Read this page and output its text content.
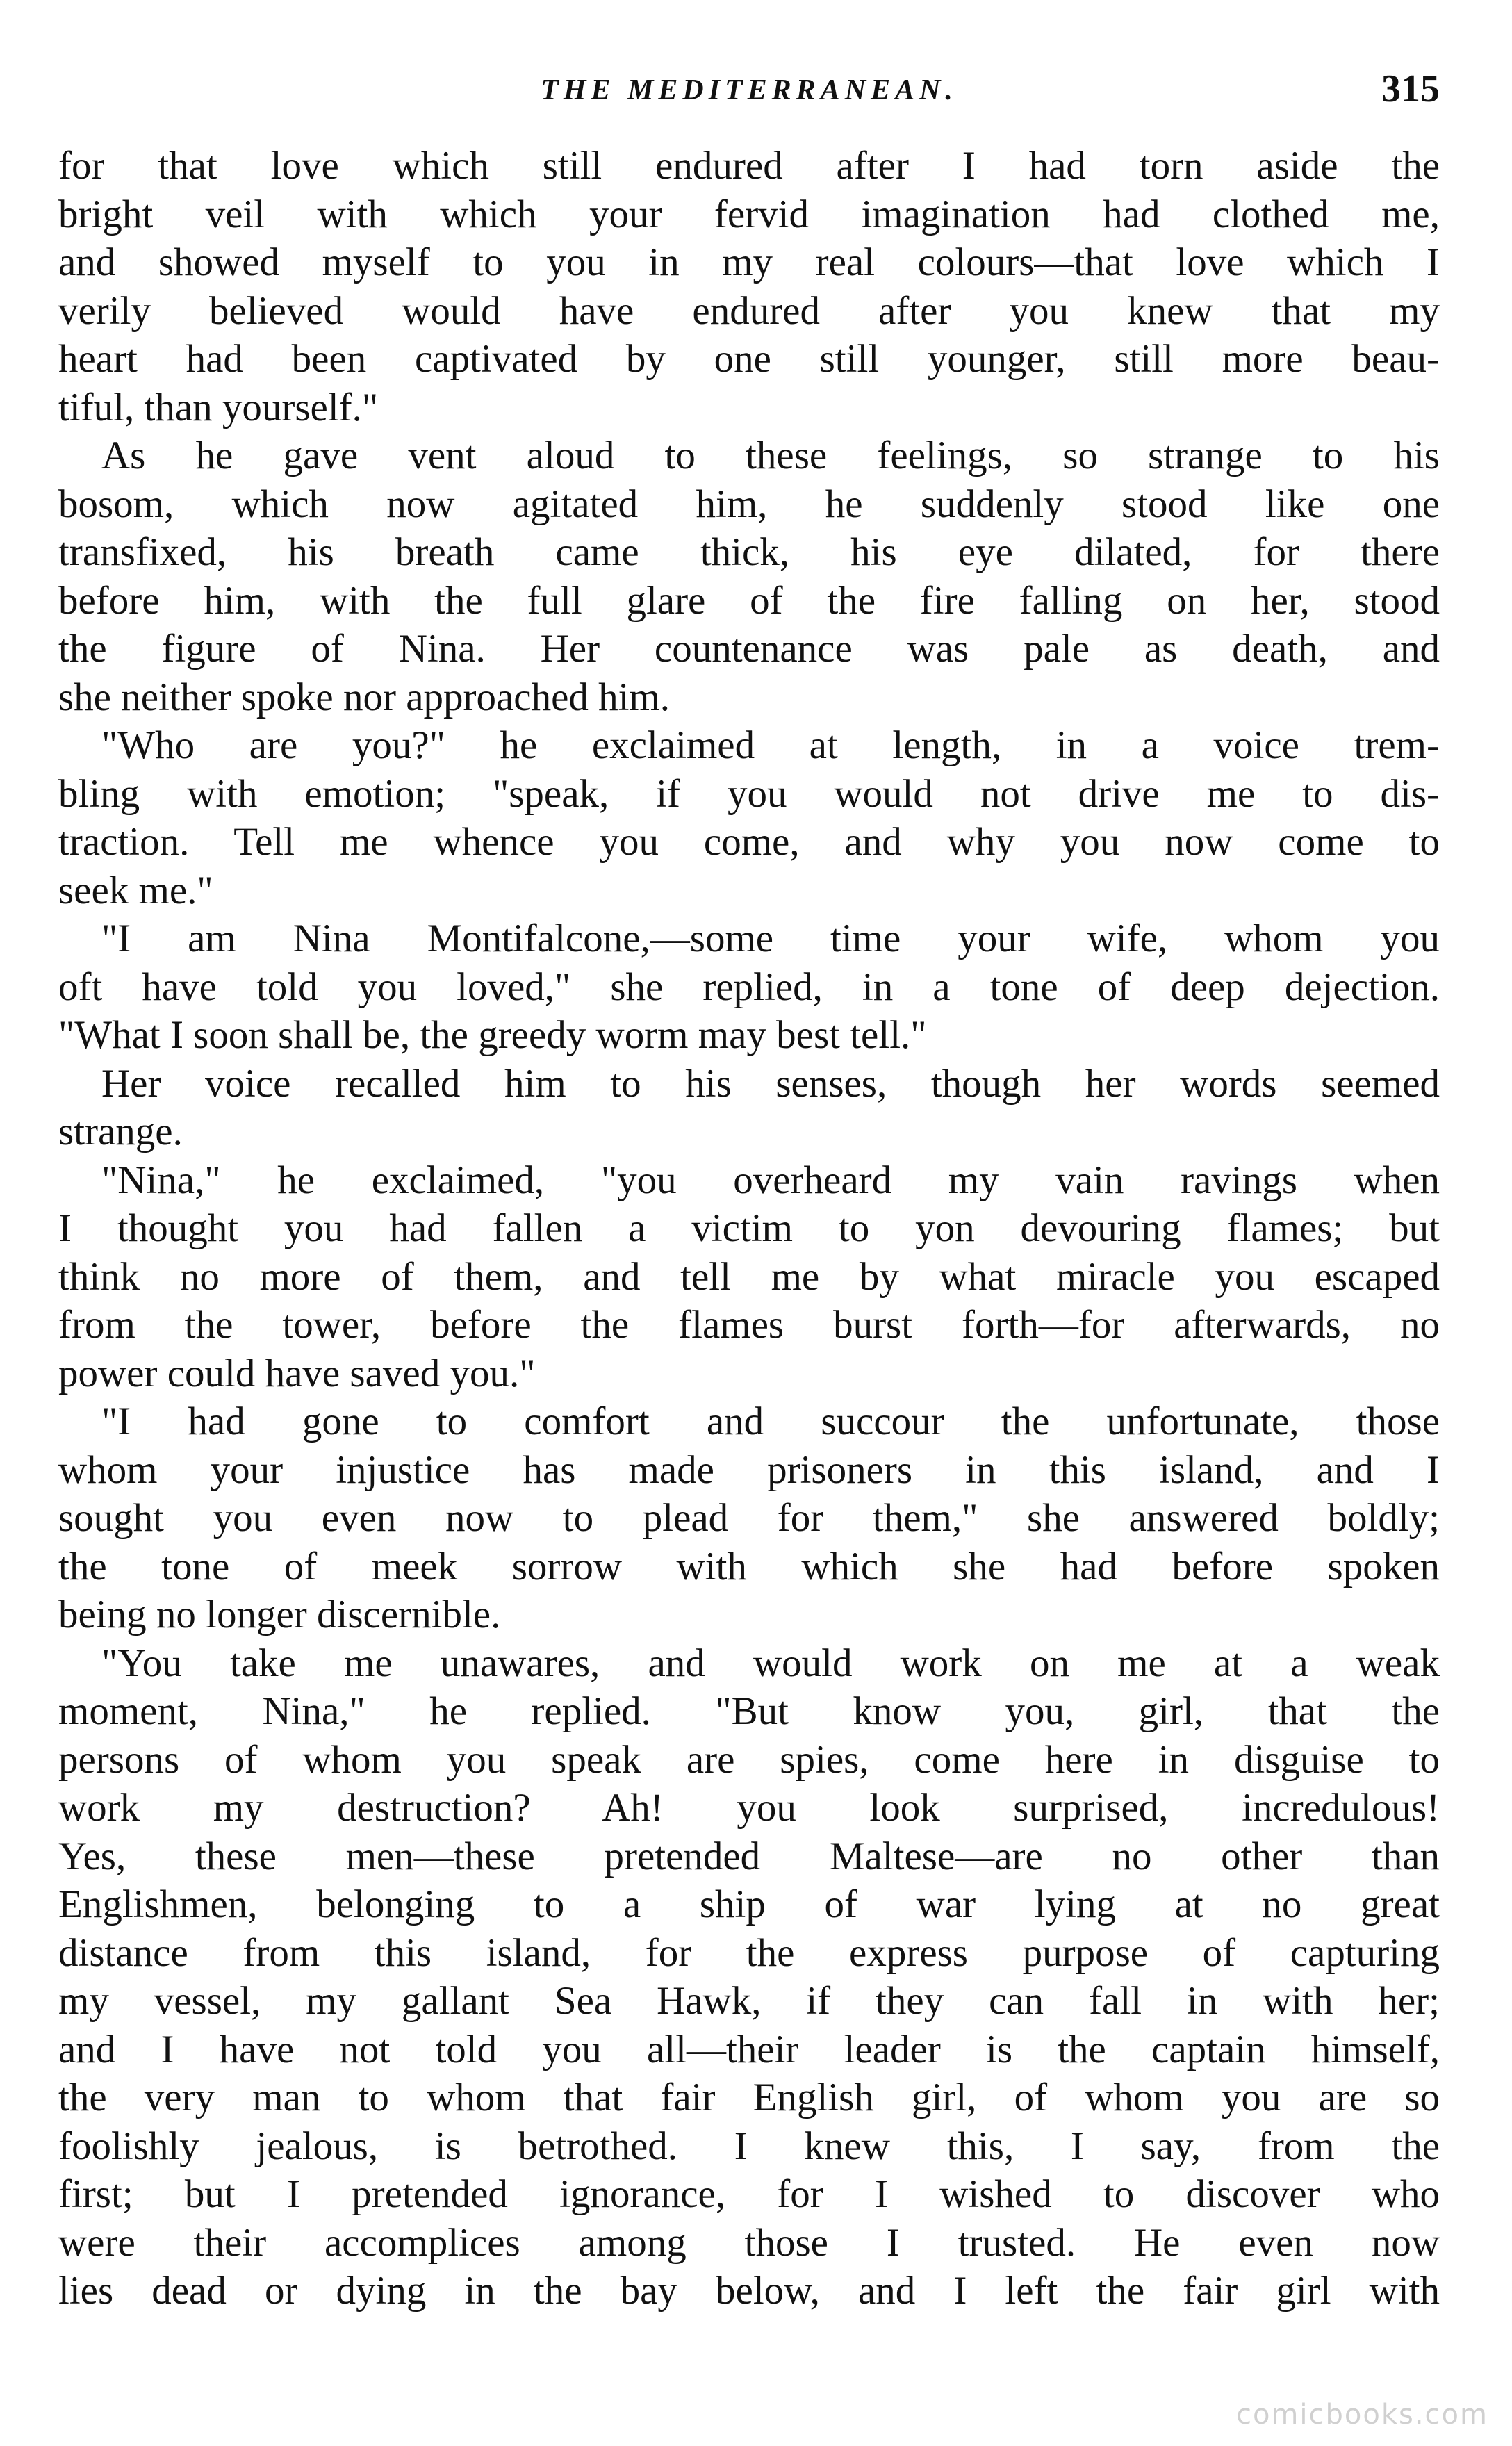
THE MEDITERRANEAN.	315

for that love which still endured after I had torn aside the
bright veil with which your fervid imagination had clothed me,
and showed myself to you in my real colours—that love which I
verily believed would have endured after you knew that my
heart had been captivated by one still younger, still more beau-
tiful, than yourself."

As he gave vent aloud to these feelings, so strange to his
bosom, which now agitated him, he suddenly stood like one
transfixed, his breath came thick, his eye dilated, for there
before him, with the full glare of the fire falling on her, stood
the figure of Nina. Her countenance was pale as death, and
she neither spoke nor approached him.

"Who are you?" he exclaimed at length, in a voice trem-
bling with emotion; "speak, if you would not drive me to dis-
traction. Tell me whence you come, and why you now come to
seek me."

"I am Nina Montifalcone,—some time your wife, whom you
oft have told you loved," she replied, in a tone of deep dejection.
"What I soon shall be, the greedy worm may best tell."

Her voice recalled him to his senses, though her words seemed
strange.

"Nina," he exclaimed, "you overheard my vain ravings when
I thought you had fallen a victim to yon devouring flames; but
think no more of them, and tell me by what miracle you escaped
from the tower, before the flames burst forth—for afterwards, no
power could have saved you."

"I had gone to comfort and succour the unfortunate, those
whom your injustice has made prisoners in this island, and I
sought you even now to plead for them," she answered boldly;
the tone of meek sorrow with which she had before spoken
being no longer discernible.

"You take me unawares, and would work on me at a weak
moment, Nina," he replied. "But know you, girl, that the
persons of whom you speak are spies, come here in disguise to
work my destruction? Ah! you look surprised, incredulous!
Yes, these men—these pretended Maltese—are no other than
Englishmen, belonging to a ship of war lying at no great
distance from this island, for the express purpose of capturing
my vessel, my gallant Sea Hawk, if they can fall in with her;
and I have not told you all—their leader is the captain himself,
the very man to whom that fair English girl, of whom you are so
foolishly jealous, is betrothed. I knew this, I say, from the
first; but I pretended ignorance, for I wished to discover who
were their accomplices among those I trusted. He even now
lies dead or dying in the bay below, and I left the fair girl with

comicbooks.com
